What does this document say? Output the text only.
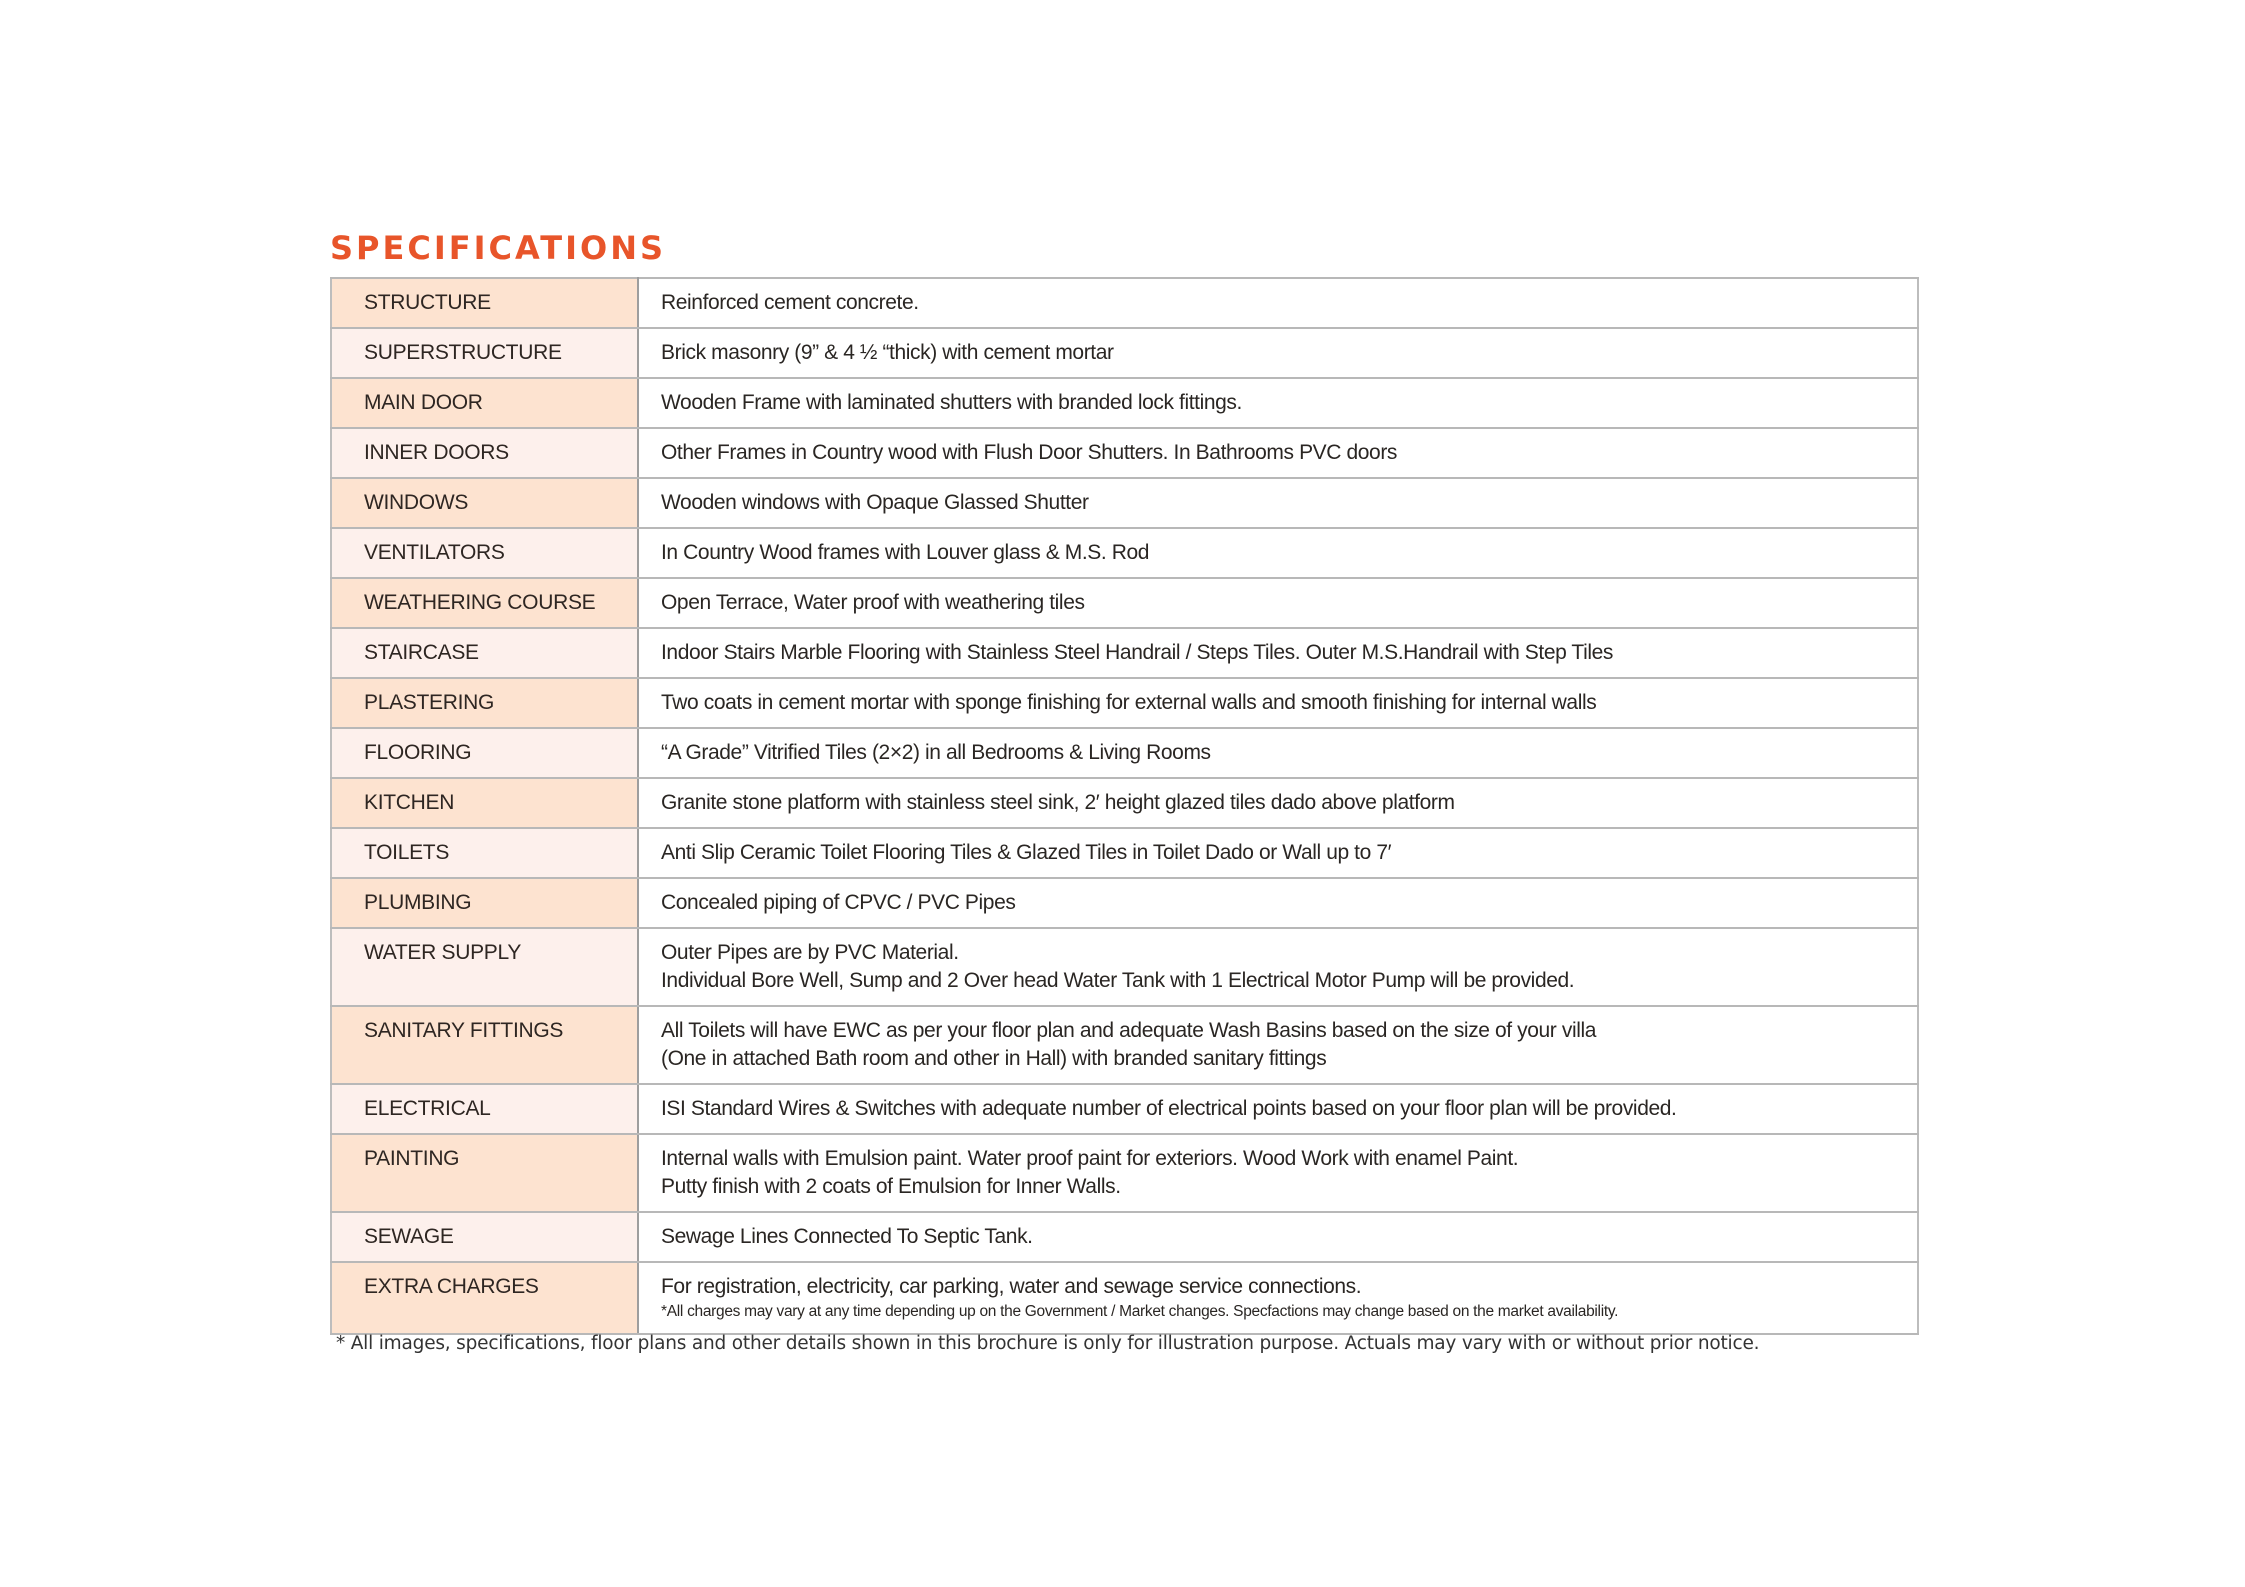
SPECIFICATIONS
STRUCTURE	Reinforced cement concrete.

SUPERSTRUCTURE	Brick masonry (9” & 4 ½ “thick) with cement mortar

MAIN DOOR	Wooden Frame with laminated shutters with branded lock fittings.

INNER DOORS	Other Frames in Country wood with Flush Door Shutters. In Bathrooms PVC doors

WINDOWS	Wooden windows with Opaque Glassed Shutter

VENTILATORS	In Country Wood frames with Louver glass & M.S. Rod

WEATHERING COURSE	Open Terrace, Water proof with weathering tiles

STAIRCASE	Indoor Stairs Marble Flooring with Stainless Steel Handrail / Steps Tiles. Outer M.S.Handrail with Step Tiles

PLASTERING	Two coats in cement mortar with sponge finishing for external walls and smooth finishing for internal walls

FLOORING	“A Grade” Vitrified Tiles (2×2) in all Bedrooms & Living Rooms

KITCHEN	Granite stone platform with stainless steel sink, 2′ height glazed tiles dado above platform

TOILETS	Anti Slip Ceramic Toilet Flooring Tiles & Glazed Tiles in Toilet Dado or Wall up to 7′

PLUMBING	Concealed piping of CPVC / PVC Pipes

WATER SUPPLY	Outer Pipes are by PVC Material.
Individual Bore Well, Sump and 2 Over head Water Tank with 1 Electrical Motor Pump will be provided.

SANITARY FITTINGS	All Toilets will have EWC as per your floor plan and adequate Wash Basins based on the size of your villa
(One in attached Bath room and other in Hall) with branded sanitary fittings

ELECTRICAL	ISI Standard Wires & Switches with adequate number of electrical points based on your floor plan will be provided.

PAINTING	Internal walls with Emulsion paint. Water proof paint for exteriors. Wood Work with enamel Paint.
Putty finish with 2 coats of Emulsion for Inner Walls.

SEWAGE	Sewage Lines Connected To Septic Tank.

EXTRA CHARGES	For registration, electricity, car parking, water and sewage service connections.
*All charges may vary at any time depending up on the Government / Market changes. Specfactions may change based on the market availability.

* All images, specifications, floor plans and other details shown in this brochure is only for illustration purpose. Actuals may vary with or without prior notice.
